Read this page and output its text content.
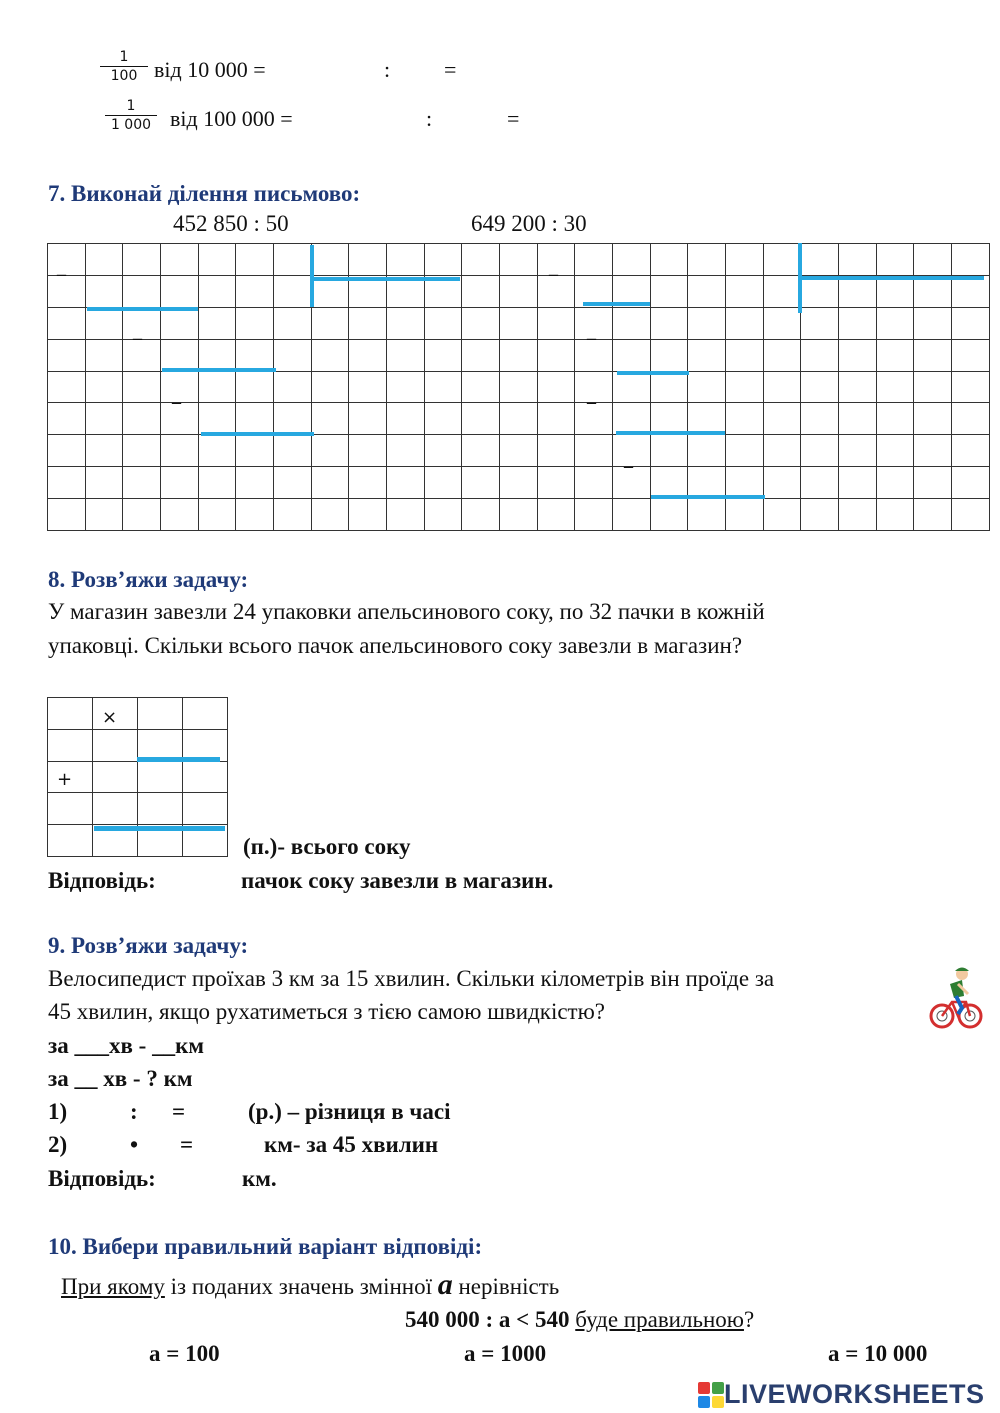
1
100 від 10 000 =	: =
1
1 000 від 100 000 =	:	=
7. Виконай ділення письмово:
452 850 : 50	649 200 : 30

_
_
_
_
_
_
_
8. Розв’яжи задачу:
У магазин завезли 24 упаковки апельсинового соку, по 32 пачки в кожній
упаковці. Скільки всього пачок апельсинового соку завезли в магазин?

×
+
(п.)- всього соку
Відповідь:	пачок соку завезли в магазин.
9. Розв’яжи задачу:
Велосипедист проїхав 3 км за 15 хвилин. Скільки кілометрів він проїде за
45 хвилин, якщо рухатиметься з тією самою швидкістю?
за ___хв - __км
за __ хв - ? км
1)	: =	(р.) – різниця в часі
2)	• =	км- за 45 хвилин
Відповідь:	км.
10. Вибери правильний варіант відповіді:
При якому із поданих значень змінної а нерівність
540 000 : а < 540 буде правильною?
а = 100	а = 1000	а = 10 000
LIVEWORKSHEETS
